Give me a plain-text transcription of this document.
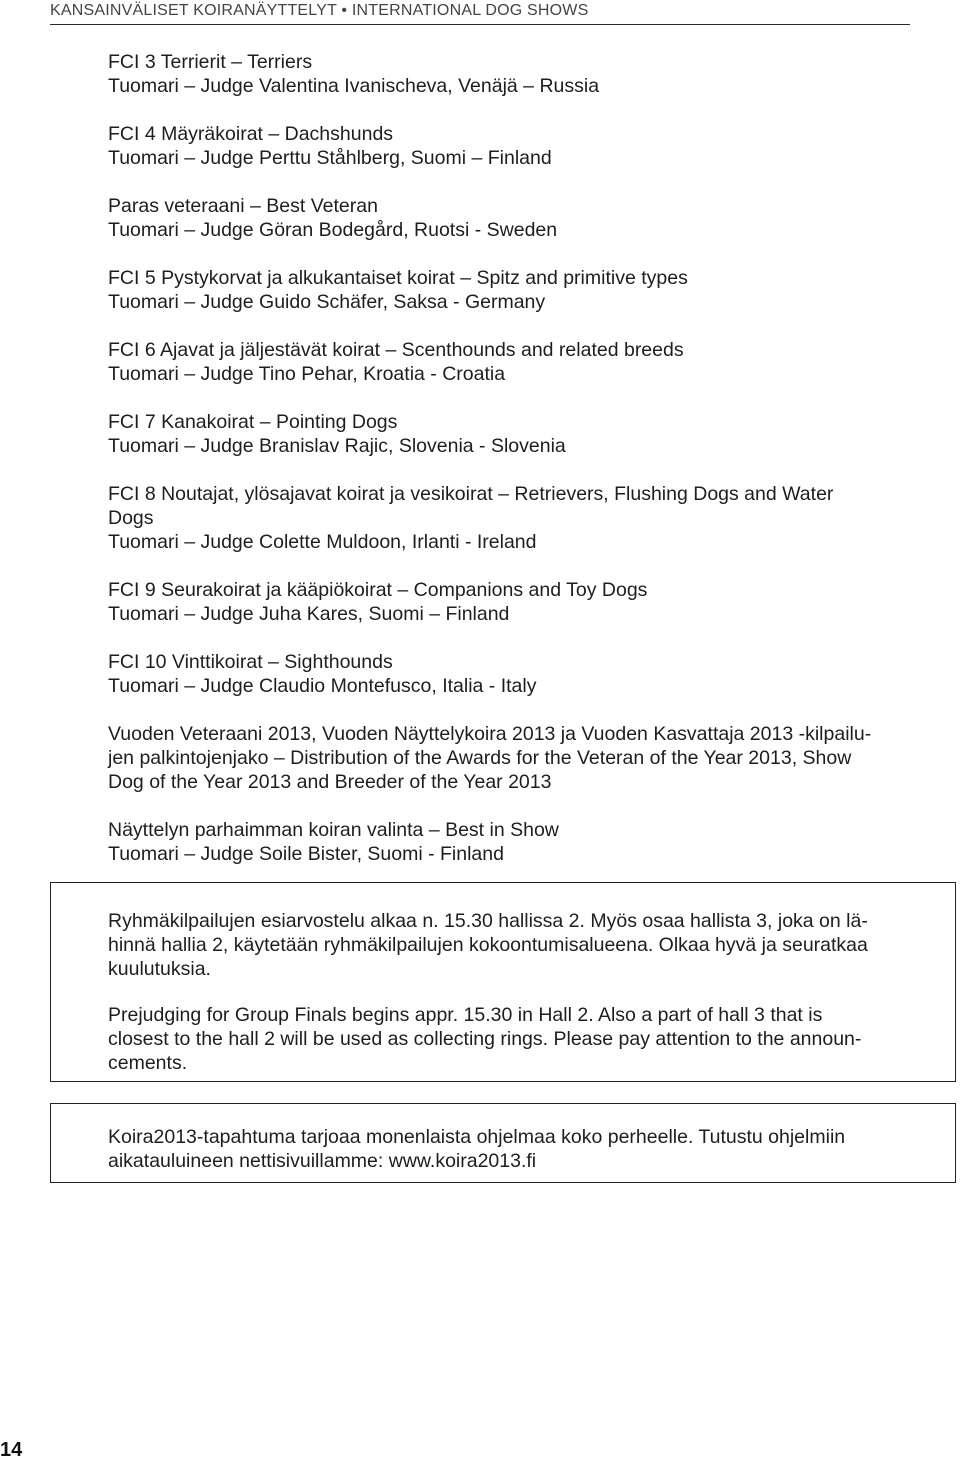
KANSAINVÄLISET KOIRANÄYTTELYT • INTERNATIONAL DOG SHOWS
FCI 3 Terrierit – Terriers
Tuomari – Judge Valentina Ivanischeva, Venäjä – Russia
FCI 4 Mäyräkoirat – Dachshunds
Tuomari – Judge Perttu Ståhlberg, Suomi – Finland
Paras veteraani – Best Veteran
Tuomari – Judge Göran Bodegård, Ruotsi - Sweden
FCI 5 Pystykorvat ja alkukantaiset koirat – Spitz and primitive types
Tuomari – Judge Guido Schäfer, Saksa - Germany
FCI 6 Ajavat ja jäljestävät koirat – Scenthounds and related breeds
Tuomari – Judge Tino Pehar, Kroatia - Croatia
FCI 7 Kanakoirat – Pointing Dogs
Tuomari – Judge Branislav Rajic, Slovenia - Slovenia
FCI 8 Noutajat, ylösajavat koirat ja vesikoirat – Retrievers, Flushing Dogs and Water
Dogs
Tuomari – Judge Colette Muldoon, Irlanti - Ireland
FCI 9 Seurakoirat ja kääpiökoirat – Companions and Toy Dogs
Tuomari – Judge Juha Kares, Suomi – Finland
FCI 10 Vinttikoirat – Sighthounds
Tuomari – Judge Claudio Montefusco, Italia - Italy
Vuoden Veteraani 2013, Vuoden Näyttelykoira 2013 ja Vuoden Kasvattaja 2013 -kilpailu-
jen palkintojenjako – Distribution of the Awards for the Veteran of the Year 2013, Show
Dog of the Year 2013 and Breeder of the Year 2013
Näyttelyn parhaimman koiran valinta – Best in Show
Tuomari – Judge Soile Bister, Suomi - Finland
Ryhmäkilpailujen esiarvostelu alkaa n. 15.30 hallissa 2. Myös osaa hallista 3, joka on lä-
hinnä hallia 2, käytetään ryhmäkilpailujen kokoontumisalueena. Olkaa hyvä ja seuratkaa
kuulutuksia.
Prejudging for Group Finals begins appr. 15.30 in Hall 2. Also a part of hall 3 that is
closest to the hall 2 will be used as collecting rings. Please pay attention to the announ-
cements.
Koira2013-tapahtuma tarjoaa monenlaista ohjelmaa koko perheelle. Tutustu ohjelmiin
aikatauluineen nettisivuillamme: www.koira2013.fi
14
